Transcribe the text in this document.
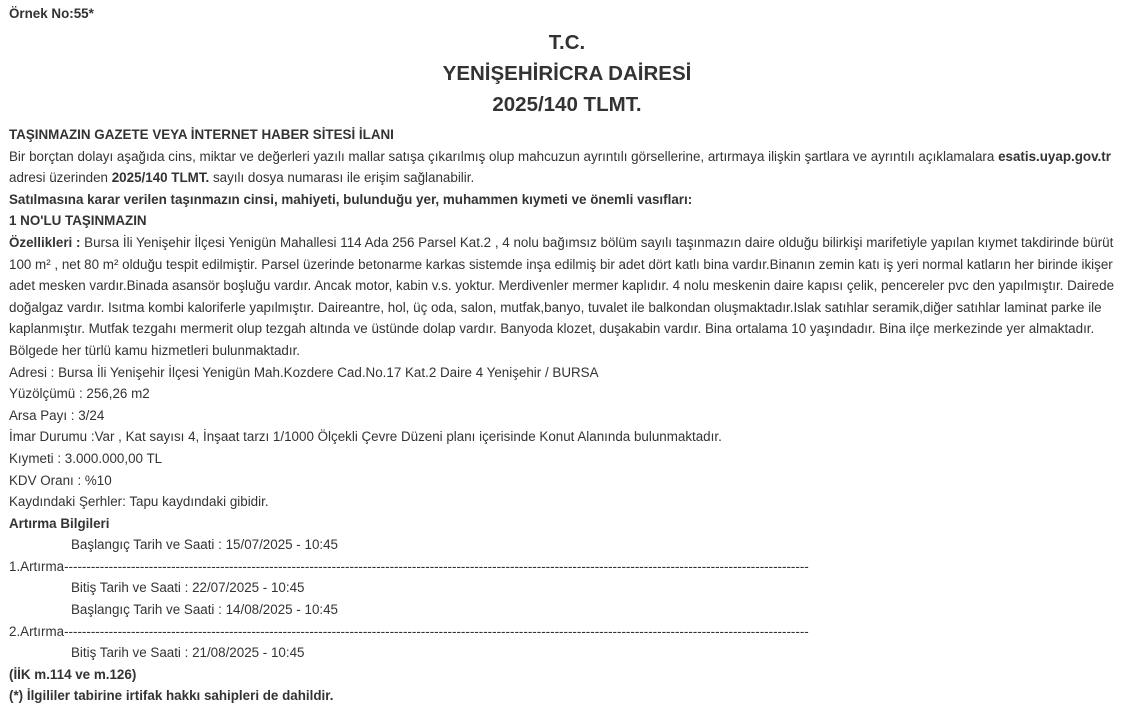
Örnek No:55*
T.C.
YENİŞEHİRİCRA DAİRESİ
2025/140 TLMT.
TAŞINMAZIN GAZETE VEYA İNTERNET HABER SİTESİ İLANI
Bir borçtan dolayı aşağıda cins, miktar ve değerleri yazılı mallar satışa çıkarılmış olup mahcuzun ayrıntılı görsellerine, artırmaya ilişkin şartlara ve ayrıntılı açıklamalara esatis.uyap.gov.tr adresi üzerinden 2025/140 TLMT. sayılı dosya numarası ile erişim sağlanabilir.
Satılmasına karar verilen taşınmazın cinsi, mahiyeti, bulunduğu yer, muhammen kıymeti ve önemli vasıfları:
1 NO'LU TAŞINMAZIN
Özellikleri : Bursa İli Yenişehir İlçesi Yenigün Mahallesi 114 Ada 256 Parsel Kat.2 , 4 nolu bağımsız bölüm sayılı taşınmazın daire olduğu bilirkişi marifetiyle yapılan kıymet takdirinde bürüt 100 m² , net 80 m² olduğu tespit edilmiştir. Parsel üzerinde betonarme karkas sistemde inşa edilmiş bir adet dört katlı bina vardır.Binanın zemin katı iş yeri normal katların her birinde ikişer adet mesken vardır.Binada asansör boşluğu vardır. Ancak motor, kabin v.s. yoktur. Merdivenler mermer kaplıdır. 4 nolu meskenin daire kapısı çelik, pencereler pvc den yapılmıştır. Dairede doğalgaz vardır. Isıtma kombi kaloriferle yapılmıştır. Daireantre, hol, üç oda, salon, mutfak,banyo, tuvalet ile balkondan oluşmaktadır.Islak satıhlar seramik,diğer satıhlar laminat parke ile kaplanmıştır. Mutfak tezgahı mermerit olup tezgah altında ve üstünde dolap vardır. Banyoda klozet, duşakabin vardır. Bina ortalama 10 yaşındadır. Bina ilçe merkezinde yer almaktadır. Bölgede her türlü kamu hizmetleri bulunmaktadır.
Adresi : Bursa İli Yenişehir İlçesi Yenigün Mah.Kozdere Cad.No.17 Kat.2 Daire 4 Yenişehir / BURSA
Yüzölçümü : 256,26 m2
Arsa Payı : 3/24
İmar Durumu :Var , Kat sayısı 4, İnşaat tarzı 1/1000 Ölçekli Çevre Düzeni planı içerisinde Konut Alanında bulunmaktadır.
Kıymeti : 3.000.000,00 TL
KDV Oranı : %10
Kaydındaki Şerhler: Tapu kaydındaki gibidir.
Artırma Bilgileri
Başlangıç Tarih ve Saati : 15/07/2025 - 10:45
1.Artırma-----------------------------------------------------------------------------------------------------------------------------------------------------------------------
Bitiş Tarih ve Saati : 22/07/2025 - 10:45
Başlangıç Tarih ve Saati : 14/08/2025 - 10:45
2.Artırma-----------------------------------------------------------------------------------------------------------------------------------------------------------------------
Bitiş Tarih ve Saati : 21/08/2025 - 10:45
(İİK m.114 ve m.126)
(*) İlgililer tabirine irtifak hakkı sahipleri de dahildir.
